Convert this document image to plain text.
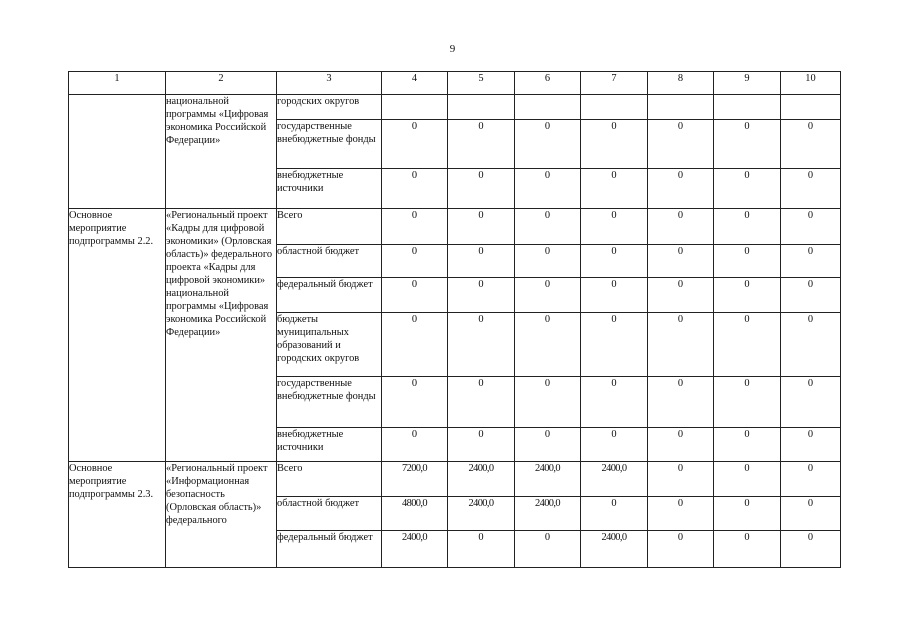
9
1	2	3	4	5	6	7	8	9	10
	национальной программы «Цифровая экономика Российской Федерации»	городских округов							
		государственные внебюджетные фонды	0	0	0	0	0	0	0
		внебюджетные источники	0	0	0	0	0	0	0
Основное мероприятие подпрограммы 2.2.	«Региональный проект «Кадры для цифровой экономики» (Орловская область)» федерального проекта «Кадры для цифровой экономики» национальной программы «Цифровая экономика Российской Федерации»	Всего	0	0	0	0	0	0	0
		областной бюджет	0	0	0	0	0	0	0
		федеральный бюджет	0	0	0	0	0	0	0
		бюджеты муниципальных образований и городских округов	0	0	0	0	0	0	0
		государственные внебюджетные фонды	0	0	0	0	0	0	0
		внебюджетные источники	0	0	0	0	0	0	0
Основное мероприятие подпрограммы 2.3.	«Региональный проект «Информационная безопасность (Орловская область)» федерального	Всего	7200,0	2400,0	2400,0	2400,0	0	0	0
		областной бюджет	4800,0	2400,0	2400,0	0	0	0	0
		федеральный бюджет	2400,0	0	0	2400,0	0	0	0
